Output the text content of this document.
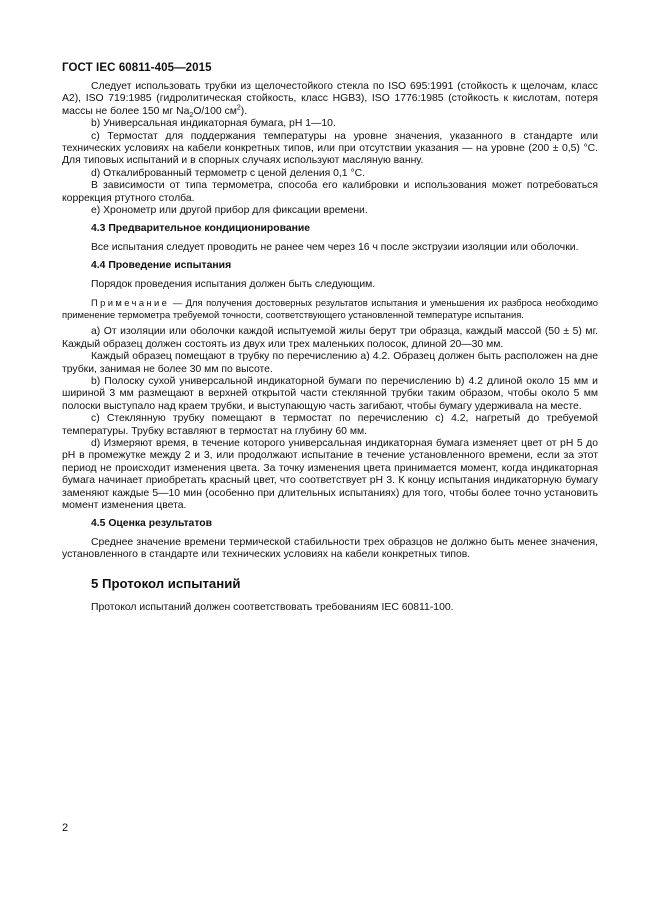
ГОСТ IEC 60811-405—2015

Следует использовать трубки из щелочестойкого стекла по ISO 695:1991 (стойкость к щелочам, класс А2), ISO 719:1985 (гидролитическая стойкость, класс HGB3), ISO 1776:1985 (стойкость к кислотам, потеря массы не более 150 мг $Na_2O/100$ $см^2$).

b) Универсальная индикаторная бумага, pH 1—10.

c) Термостат для поддержания температуры на уровне значения, указанного в стандарте или технических условиях на кабели конкретных типов, или при отсутствии указания — на уровне (200 ± 0,5) °C. Для типовых испытаний и в спорных случаях используют масляную ванну.

d) Откалиброванный термометр с ценой деления 0,1 °C.

В зависимости от типа термометра, способа его калибровки и использования может потребоваться коррекция ртутного столба.

e) Хронометр или другой прибор для фиксации времени.

4.3 Предварительное кондиционирование

Все испытания следует проводить не ранее чем через 16 ч после экструзии изоляции или оболочки.

4.4 Проведение испытания

Порядок проведения испытания должен быть следующим.

Примечание — Для получения достоверных результатов испытания и уменьшения их разброса необходимо применение термометра требуемой точности, соответствующего установленной температуре испытания.

a) От изоляции или оболочки каждой испытуемой жилы берут три образца, каждый массой (50 ± 5) мг. Каждый образец должен состоять из двух или трех маленьких полосок, длиной 20—30 мм.

Каждый образец помещают в трубку по перечислению a) 4.2. Образец должен быть расположен на дне трубки, занимая не более 30 мм по высоте.

b) Полоску сухой универсальной индикаторной бумаги по перечислению b) 4.2 длиной около 15 мм и шириной 3 мм размещают в верхней открытой части стеклянной трубки таким образом, чтобы около 5 мм полоски выступало над краем трубки, и выступающую часть загибают, чтобы бумагу удерживала на месте.

c) Стеклянную трубку помещают в термостат по перечислению c) 4.2, нагретый до требуемой температуры. Трубку вставляют в термостат на глубину 60 мм.

d) Измеряют время, в течение которого универсальная индикаторная бумага изменяет цвет от pH 5 до pH в промежутке между 2 и 3, или продолжают испытание в течение установленного времени, если за этот период не происходит изменения цвета. За точку изменения цвета принимается момент, когда индикаторная бумага начинает приобретать красный цвет, что соответствует pH 3. К концу испытания индикаторную бумагу заменяют каждые 5—10 мин (особенно при длительных испытаниях) для того, чтобы более точно установить момент изменения цвета.

4.5 Оценка результатов

Среднее значение времени термической стабильности трех образцов не должно быть менее значения, установленного в стандарте или технических условиях на кабели конкретных типов.

5 Протокол испытаний

Протокол испытаний должен соответствовать требованиям IEC 60811-100.

2
